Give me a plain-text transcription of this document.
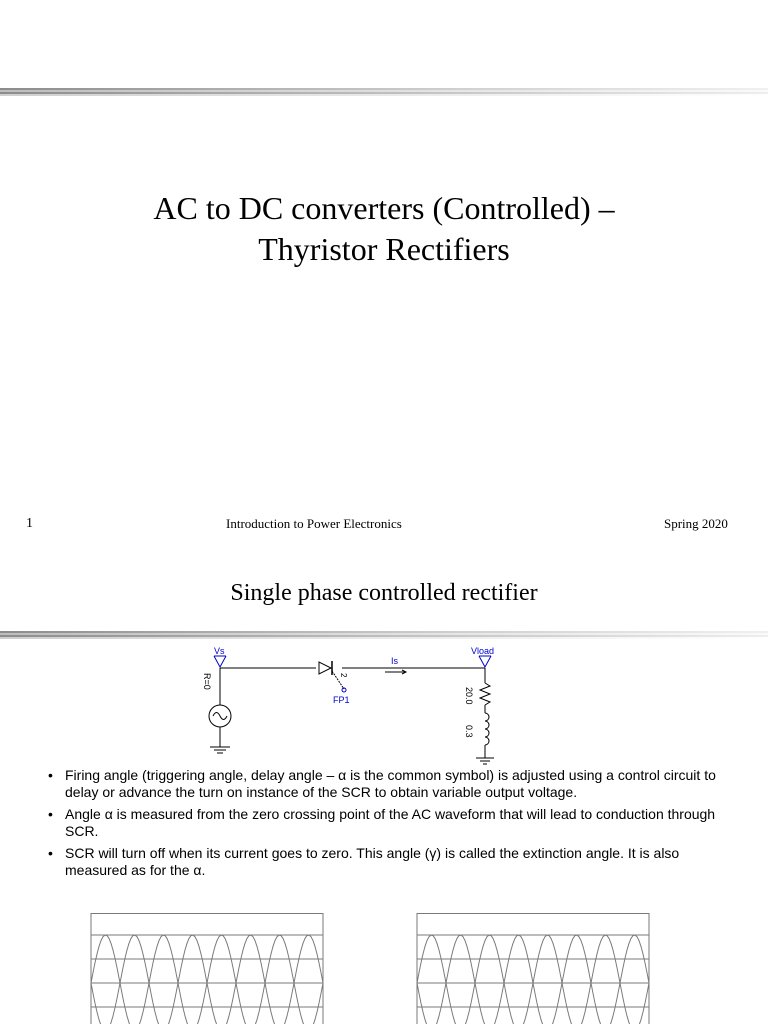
AC to DC converters (Controlled) –
Thyristor Rectifiers
1	Introduction to Power Electronics	Spring 2020
Single phase controlled rectifier
Vs
R=0	2
FP1
Is
Vload
20.0
0.3
• Firing angle (triggering angle, delay angle – α is the common symbol) is adjusted using a control circuit to delay or advance the turn on instance of the SCR to obtain variable output voltage.
• Angle α is measured from the zero crossing point of the AC waveform that will lead to conduction through SCR.
• SCR will turn off when its current goes to zero. This angle (γ) is called the extinction angle. It is also measured as for the α.
